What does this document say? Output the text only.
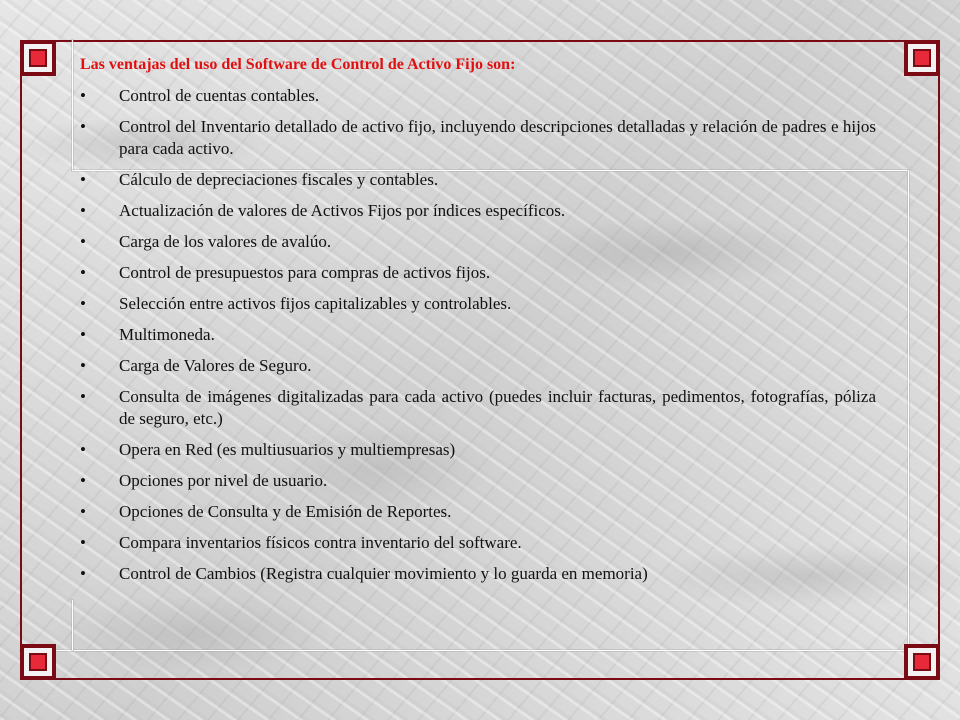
Las ventajas del uso del Software de Control de Activo Fijo son:
• Control de cuentas contables.
• Control del Inventario detallado de activo fijo, incluyendo descripciones detalladas y relación de padres e hijos para cada activo.
• Cálculo de depreciaciones fiscales y contables.
• Actualización de valores de Activos Fijos por índices específicos.
• Carga de los valores de avalúo.
• Control de presupuestos para compras de activos fijos.
• Selección entre activos fijos capitalizables y controlables.
• Multimoneda.
• Carga de Valores de Seguro.
• Consulta de imágenes digitalizadas para cada activo (puedes incluir facturas, pedimentos, fotografías, póliza de seguro, etc.)
• Opera en Red (es multiusuarios y multiempresas)
• Opciones por nivel de usuario.
• Opciones de Consulta y de Emisión de Reportes.
• Compara inventarios físicos contra inventario del software.
• Control de Cambios (Registra cualquier movimiento y lo guarda en memoria)
